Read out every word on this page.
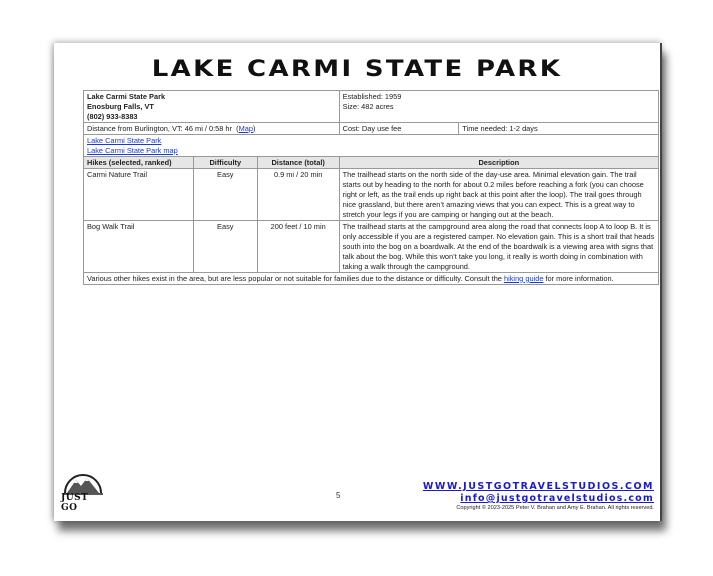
LAKE CARMI STATE PARK
Lake Carmi State Park
Enosburg Falls, VT
(802) 933-8383

Established: 1959
Size: 482 acres

Distance from Burlington, VT: 46 mi / 0:58 hr (Map)			Cost: Day use fee	Time needed: 1-2 days

Lake Carmi State Park
Lake Carmi State Park map				

Hikes (selected, ranked)	Difficulty	Distance (total)	Description	
Carmi Nature Trail	Easy	0.9 mi / 20 min	The trailhead starts on the north side of the day-use area. Minimal elevation gain. The trail starts out by heading to the north for about 0.2 miles before reaching a fork (you can choose right or left, as the trail ends up right back at this point after the loop). The trail goes through nice grassland, but there aren’t amazing views that you can expect. This is a great way to stretch your legs if you are camping or hanging out at the beach.	
Bog Walk Trail	Easy	200 feet / 10 min	The trailhead starts at the campground area along the road that connects loop A to loop B. It is only accessible if you are a registered camper. No elevation gain. This is a short trail that heads south into the bog on a boardwalk. At the end of the boardwalk is a viewing area with signs that talk about the bog. While this won’t take you long, it really is worth doing in combination with taking a walk through the campground.	
Various other hikes exist in the area, but are less popular or not suitable for families due to the distance or difficulty. Consult the hiking guide for more information.				
JUST GO
5
WWW.JUSTGOTRAVELSTUDIOS.COM
info@justgotravelstudios.com
Copyright © 2023-2025 Peter V. Brahan and Amy E. Brahan. All rights reserved.
